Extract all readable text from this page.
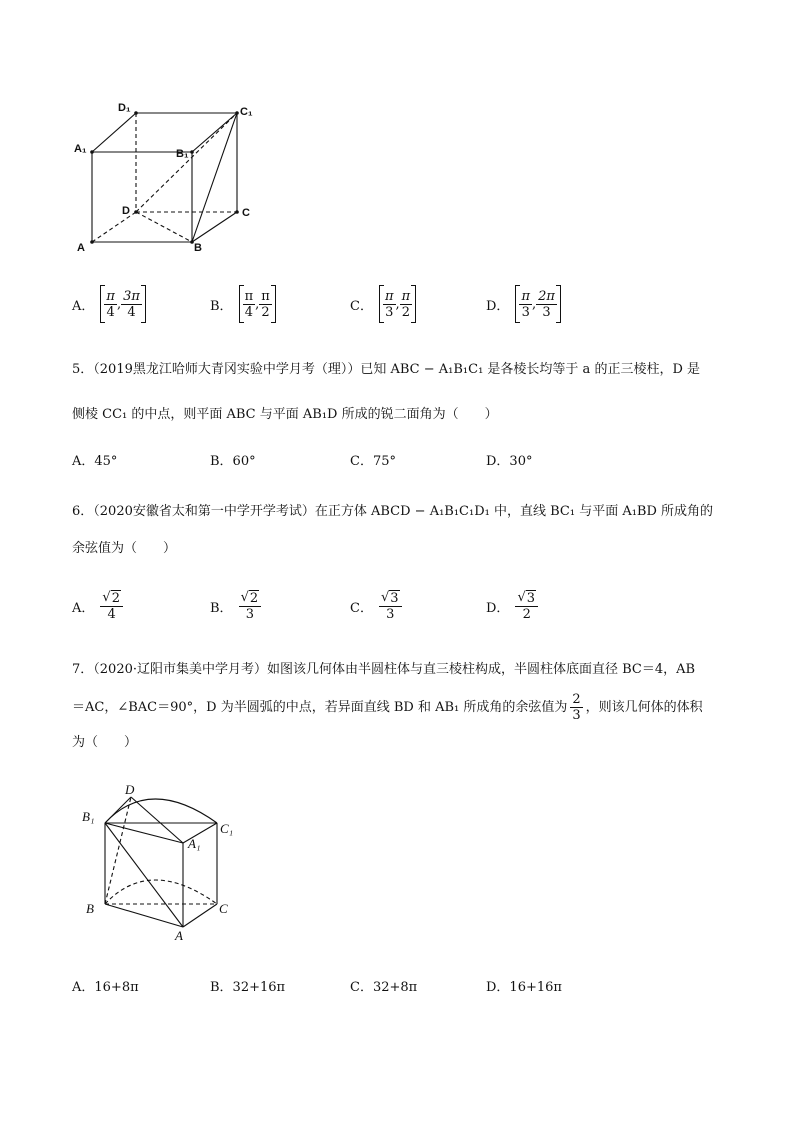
D₁	C₁
A₁	B₁
D	C
A	B
A． $\frac{\pi}{4}$ , $\frac{3\pi}{4}$	B． $\frac{\pi}{4}$ , $\frac{\pi}{2}$	C． $\frac{\pi}{3}$ , $\frac{\pi}{2}$	D． $\frac{\pi}{3}$ , $\frac{2\pi}{3}$
5．（2019黑龙江哈师大青冈实验中学月考（理））已知 ABC − A₁B₁C₁ 是各棱长均等于 a 的正三棱柱，D 是
侧棱 CC₁ 的中点，则平面 ABC 与平面 AB₁D 所成的锐二面角为（　　）
A．45°	B．60°	C．75°	D．30°
6．（2020安徽省太和第一中学开学考试）在正方体 ABCD − A₁B₁C₁D₁ 中，直线 BC₁ 与平面 A₁BD 所成角的
余弦值为（　　）
A． $\frac{√ 2}{4}$	B． $\frac{√ 2}{3}$	C． $\frac{√ 3}{3}$	D． $\frac{√ 3}{2}$
7．（2020·辽阳市集美中学月考）如图该几何体由半圆柱体与直三棱柱构成，半圆柱体底面直径 BC＝4，AB
＝AC，∠BAC＝90°，D 为半圆弧的中点，若异面直线 BD 和 AB₁ 所成角的余弦值为 $\frac{2}{3}$ ，则该几何体的体积
为（　　）
D
B₁
C₁
A₁
B	C
A
A．16+8π	B．32+16π	C．32+8π	D．16+16π
